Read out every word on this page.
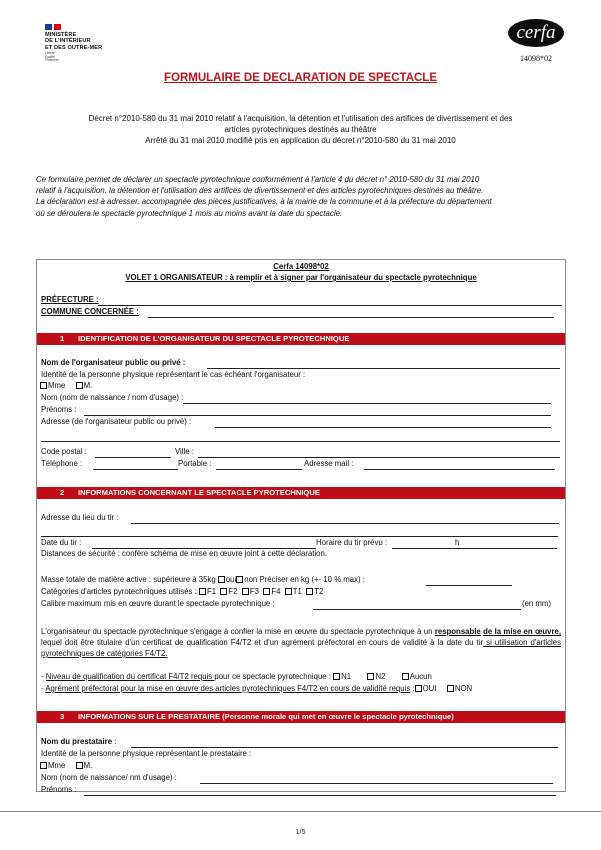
MINISTÈRE
DE L'INTÉRIEUR
ET DES OUTRE-MER
Liberté
Égalité
Fraternité
cerfa
14098*02
FORMULAIRE DE DECLARATION DE SPECTACLE
Décret n°2010-580 du 31 mai 2010 relatif à l'acquisition, la détention et l'utilisation des artifices de divertissement et des
articles pyrotechniques destinés au théâtre
Arrêté du 31 mai 2010 modifié pris en application du décret n°2010-580 du 31 mai 2010
Ce formulaire permet de déclarer un spectacle pyrotechnique conformément à l'article 4 du décret n° 2010-580 du 31 mai 2010
relatif à l'acquisition, la détention et l'utilisation des artifices de divertissement et des articles pyrotechniques destinés au théâtre.
La déclaration est à adresser, accompagnée des pièces justificatives, à la mairie de la commune et à la préfecture du département
où se déroulera le spectacle pyrotechnique 1 mois au moins avant la date du spectacle.
Cerfa 14098*02
VOLET 1 ORGANISATEUR : à remplir et à signer par l'organisateur du spectacle pyrotechnique
PRÉFECTURE :
COMMUNE CONCERNÉE :
1 IDENTIFICATION DE L'ORGANISATEUR DU SPECTACLE PYROTECHNIQUE
Nom de l'organisateur public ou privé :
Identité de la personne physique représentant le cas échéant l'organisateur :
Mme M.
Nom (nom de naissance / nom d'usage) :
Prénoms :
Adresse (de l'organisateur public ou privé) :
Code postal :	Ville :
Téléphone :	Portable :	Adresse mail :
2 INFORMATIONS CONCERNANT LE SPECTACLE PYROTECHNIQUE
Adresse du lieu du tir :
Date du tir :	Horaire du tir prévu :	h
Distances de sécurité : confère schéma de mise en œuvre joint à cette déclaration.
Masse totale de matière active : supérieure à 35kg oui non Préciser en kg (+- 10 % max) :
Catégories d'articles pyrotechniques utilisés : F1 F2 F3 F4 T1 T2
Calibre maximum mis en œuvre durant le spectacle pyrotechnique :	(en mm)
L'organisateur du spectacle pyrotechnique s'engage à confier la mise en œuvre du spectacle pyrotechnique à un responsable de la mise en œuvre, lequel doit être titulaire d'un certificat de qualification F4/T2 et d'un agrément préfectoral en cours de validité à la date du tir si utilisation d'articles pyrotechniques de catégories F4/T2.
- Niveau de qualification du certificat F4/T2 requis pour ce spectacle pyrotechnique : N1	N2	Aucun
- Agrément préfectoral pour la mise en œuvre des articles pyrotechniques F4/T2 en cours de validité requis : OUI NON
3 INFORMATIONS SUR LE PRESTATAIRE (Personne morale qui met en œuvre le spectacle pyrotechnique)
Nom du prestataire :
Identité de la personne physique représentant le prestataire :
Mme M.
Nom (nom de naissance/ nm d'usage) :
Prénoms :
1/5
